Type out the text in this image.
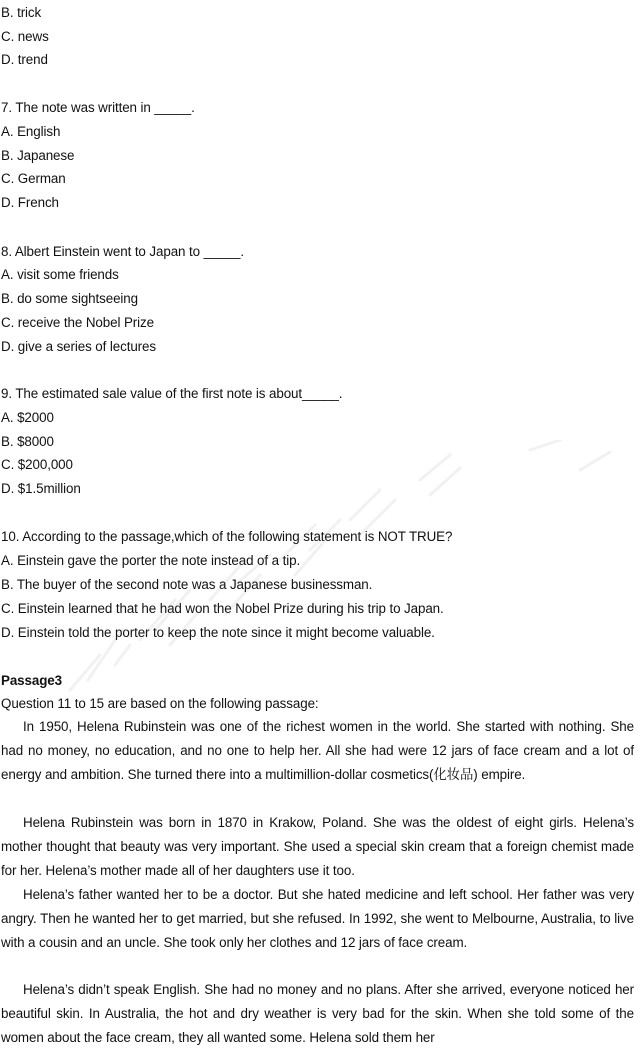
B. trick
C. news
D. trend
7. The note was written in _____.
A. English
B. Japanese
C. German
D. French
8. Albert Einstein went to Japan to _____.
A. visit some friends
B. do some sightseeing
C. receive the Nobel Prize
D. give a series of lectures
9. The estimated sale value of the first note is about_____.
A. $2000
B. $8000
C. $200,000
D. $1.5million
10. According to the passage,which of the following statement is NOT TRUE?
A. Einstein gave the porter the note instead of a tip.
B. The buyer of the second note was a Japanese businessman.
C. Einstein learned that he had won the Nobel Prize during his trip to Japan.
D. Einstein told the porter to keep the note since it might become valuable.
Passage3
Question 11 to 15 are based on the following passage:
In 1950, Helena Rubinstein was one of the richest women in the world. She started with nothing. She had no money, no education, and no one to help her. All she had were 12 jars of face cream and a lot of energy and ambition. She turned there into a multimillion-dollar cosmetics(化妆品) empire.
Helena Rubinstein was born in 1870 in Krakow, Poland. She was the oldest of eight girls. Helena’s mother thought that beauty was very important. She used a special skin cream that a foreign chemist made for her. Helena’s mother made all of her daughters use it too.
Helena’s father wanted her to be a doctor. But she hated medicine and left school. Her father was very angry. Then he wanted her to get married, but she refused. In 1992, she went to Melbourne, Australia, to live with a cousin and an uncle. She took only her clothes and 12 jars of face cream.
Helena’s didn’t speak English. She had no money and no plans. After she arrived, everyone noticed her beautiful skin. In Australia, the hot and dry weather is very bad for the skin. When she told some of the women about the face cream, they all wanted some. Helena sold them her
